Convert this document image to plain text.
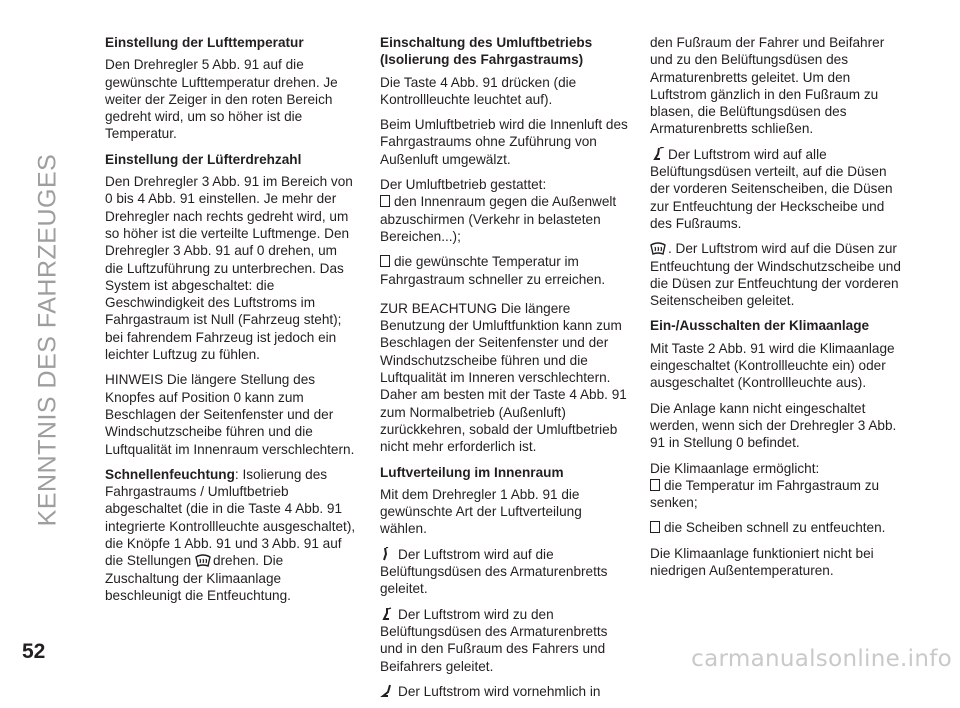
KENNTNIS DES FAHRZEUGES
Einstellung der Lufttemperatur

Den Drehregler 5 Abb. 91 auf die gewünschte Lufttemperatur drehen. Je weiter der Zeiger in den roten Bereich gedreht wird, um so höher ist die Temperatur.

Einstellung der Lüfterdrehzahl

Den Drehregler 3 Abb. 91 im Bereich von 0 bis 4 Abb. 91 einstellen. Je mehr der Drehregler nach rechts gedreht wird, um so höher ist die verteilte Luftmenge. Den Drehregler 3 Abb. 91 auf 0 drehen, um die Luftzuführung zu unterbrechen. Das System ist abgeschaltet: die Geschwindigkeit des Luftstroms im Fahrgastraum ist Null (Fahrzeug steht); bei fahrendem Fahrzeug ist jedoch ein leichter Luftzug zu fühlen.

HINWEIS Die längere Stellung des Knopfes auf Position 0 kann zum Beschlagen der Seitenfenster und der Windschutzscheibe führen und die Luftqualität im Innenraum verschlechtern.

Schnellenfeuchtung: Isolierung des Fahrgastraums / Umluftbetrieb abgeschaltet (die in die Taste 4 Abb. 91 integrierte Kontrollleuchte ausgeschaltet), die Knöpfe 1 Abb. 91 und 3 Abb. 91 auf die Stellungen drehen. Die Zuschaltung der Klimaanlage beschleunigt die Entfeuchtung.

Einschaltung des Umluftbetriebs (Isolierung des Fahrgastraums)

Die Taste 4 Abb. 91 drücken (die Kontrollleuchte leuchtet auf).

Beim Umluftbetrieb wird die Innenluft des Fahrgastraums ohne Zuführung von Außenluft umgewälzt.

Der Umluftbetrieb gestattet:

den Innenraum gegen die Außenwelt abzuschirmen (Verkehr in belasteten Bereichen...);

die gewünschte Temperatur im Fahrgastraum schneller zu erreichen.

ZUR BEACHTUNG Die längere Benutzung der Umluftfunktion kann zum Beschlagen der Seitenfenster und der Windschutzscheibe führen und die Luftqualität im Inneren verschlechtern. Daher am besten mit der Taste 4 Abb. 91 zum Normalbetrieb (Außenluft) zurückkehren, sobald der Umluftbetrieb nicht mehr erforderlich ist.

Luftverteilung im Innenraum

Mit dem Drehregler 1 Abb. 91 die gewünschte Art der Luftverteilung wählen.

Der Luftstrom wird auf die Belüftungsdüsen des Armaturenbretts geleitet.

Der Luftstrom wird zu den Belüftungsdüsen des Armaturenbretts und in den Fußraum des Fahrers und Beifahrers geleitet.

Der Luftstrom wird vornehmlich in

den Fußraum der Fahrer und Beifahrer und zu den Belüftungsdüsen des Armaturenbretts geleitet. Um den Luftstrom gänzlich in den Fußraum zu blasen, die Belüftungsdüsen des Armaturenbretts schließen.

Der Luftstrom wird auf alle Belüftungsdüsen verteilt, auf die Düsen der vorderen Seitenscheiben, die Düsen zur Entfeuchtung der Heckscheibe und des Fußraums.

. Der Luftstrom wird auf die Düsen zur Entfeuchtung der Windschutzscheibe und die Düsen zur Entfeuchtung der vorderen Seitenscheiben geleitet.

Ein-/Ausschalten der Klimaanlage

Mit Taste 2 Abb. 91 wird die Klimaanlage eingeschaltet (Kontrollleuchte ein) oder ausgeschaltet (Kontrollleuchte aus).

Die Anlage kann nicht eingeschaltet werden, wenn sich der Drehregler 3 Abb. 91 in Stellung 0 befindet.

Die Klimaanlage ermöglicht:

die Temperatur im Fahrgastraum zu senken;

die Scheiben schnell zu entfeuchten.

Die Klimaanlage funktioniert nicht bei niedrigen Außentemperaturen.

52	carmanualsonline.info
